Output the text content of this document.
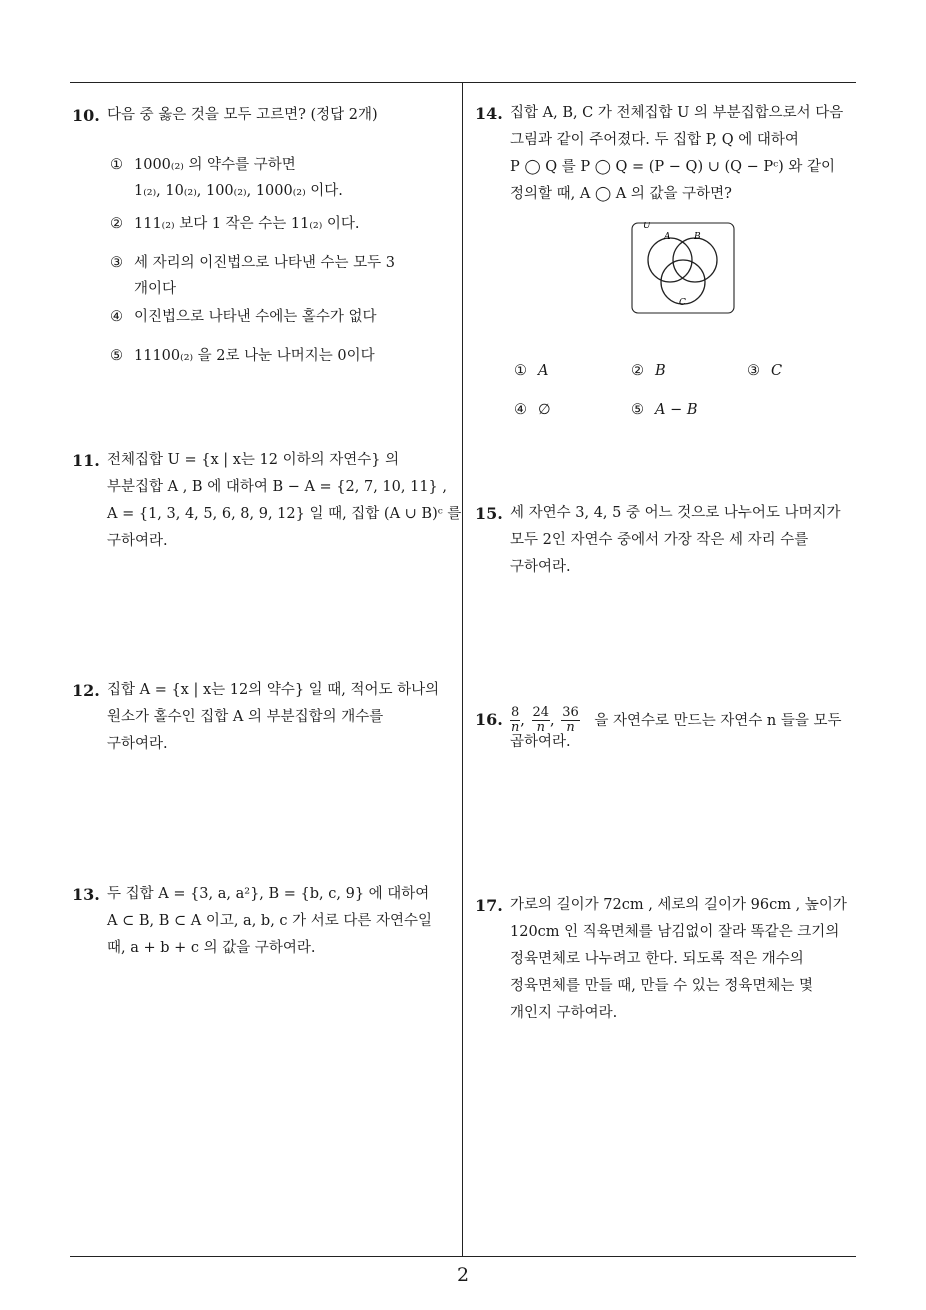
10. 다음 중 옳은 것을 모두 고르면? (정답 2개)
① 1000₍₂₎ 의 약수를 구하면
1₍₂₎, 10₍₂₎, 100₍₂₎, 1000₍₂₎ 이다.
② 111₍₂₎ 보다 1 작은 수는 11₍₂₎ 이다.
③ 세 자리의 이진법으로 나타낸 수는 모두 3
개이다
④ 이진법으로 나타낸 수에는 홀수가 없다
⑤ 11100₍₂₎ 을 2로 나눈 나머지는 0이다
11. 전체집합 U = {x | x는 12 이하의 자연수} 의
부분집합 A , B 에 대하여 B − A = {2, 7, 10, 11} ,
A = {1, 3, 4, 5, 6, 8, 9, 12} 일 때, 집합 (A ∪ B)ᶜ 를
구하여라.
12. 집합 A = {x | x는 12의 약수} 일 때, 적어도 하나의
원소가 홀수인 집합 A 의 부분집합의 개수를
구하여라.
13. 두 집합 A = {3, a, a²}, B = {b, c, 9} 에 대하여
A ⊂ B, B ⊂ A 이고, a, b, c 가 서로 다른 자연수일
때, a + b + c 의 값을 구하여라.
14. 집합 A, B, C 가 전체집합 U 의 부분집합으로서 다음
그림과 같이 주어졌다. 두 집합 P, Q 에 대하여
P ◯ Q 를 P ◯ Q = (P − Q) ∪ (Q − Pᶜ) 와 같이
정의할 때, A ◯ A 의 값을 구하면?
U
A	B
C
① A	② B	③ C
④ ∅	⑤ A − B
15. 세 자연수 3, 4, 5 중 어느 것으로 나누어도 나머지가
모두 2인 자연수 중에서 가장 작은 세 자리 수를
구하여라.
16. $\frac{8}{n}$ , $\frac{24}{n}$ , $\frac{36}{n}$ 을 자연수로 만드는 자연수 n 들을 모두
곱하여라.
17. 가로의 길이가 72cm , 세로의 길이가 96cm , 높이가
120cm 인 직육면체를 남김없이 잘라 똑같은 크기의
정육면체로 나누려고 한다. 되도록 적은 개수의
정육면체를 만들 때, 만들 수 있는 정육면체는 몇
개인지 구하여라.
2
